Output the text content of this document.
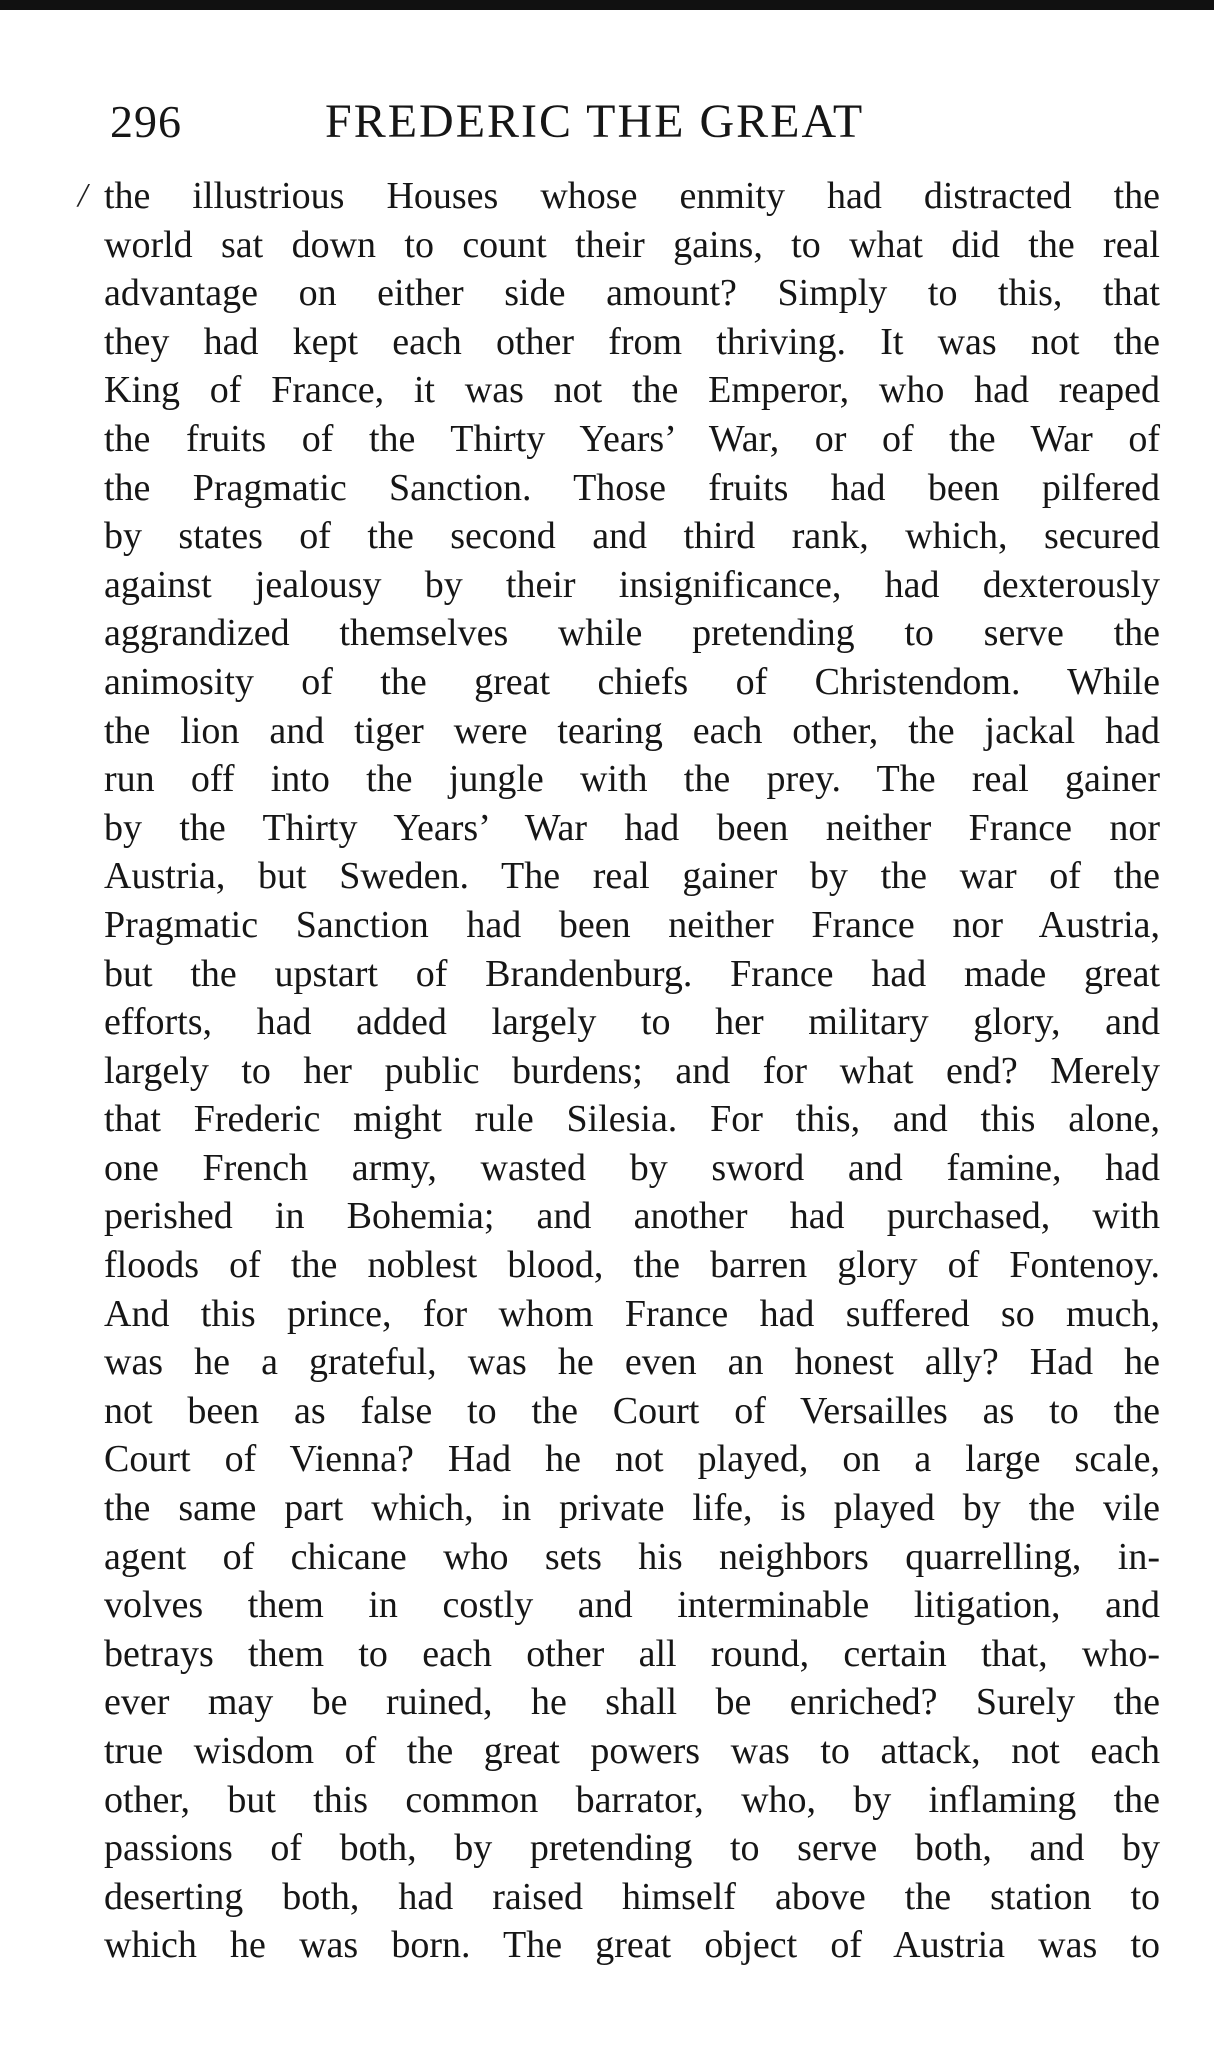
296	FREDERIC THE GREAT
/ the illustrious Houses whose enmity had distracted the
world sat down to count their gains, to what did the real
advantage on either side amount? Simply to this, that
they had kept each other from thriving. It was not the
King of France, it was not the Emperor, who had reaped
the fruits of the Thirty Years’ War, or of the War of
the Pragmatic Sanction. Those fruits had been pilfered
by states of the second and third rank, which, secured
against jealousy by their insignificance, had dexterously
aggrandized themselves while pretending to serve the
animosity of the great chiefs of Christendom. While
the lion and tiger were tearing each other, the jackal had
run off into the jungle with the prey. The real gainer
by the Thirty Years’ War had been neither France nor
Austria, but Sweden. The real gainer by the war of the
Pragmatic Sanction had been neither France nor Austria,
but the upstart of Brandenburg. France had made great
efforts, had added largely to her military glory, and
largely to her public burdens; and for what end? Merely
that Frederic might rule Silesia. For this, and this alone,
one French army, wasted by sword and famine, had
perished in Bohemia; and another had purchased, with
floods of the noblest blood, the barren glory of Fontenoy.
And this prince, for whom France had suffered so much,
was he a grateful, was he even an honest ally? Had he
not been as false to the Court of Versailles as to the
Court of Vienna? Had he not played, on a large scale,
the same part which, in private life, is played by the vile
agent of chicane who sets his neighbors quarrelling, in-
volves them in costly and interminable litigation, and
betrays them to each other all round, certain that, who-
ever may be ruined, he shall be enriched? Surely the
true wisdom of the great powers was to attack, not each
other, but this common barrator, who, by inflaming the
passions of both, by pretending to serve both, and by
deserting both, had raised himself above the station to
which he was born. The great object of Austria was to
